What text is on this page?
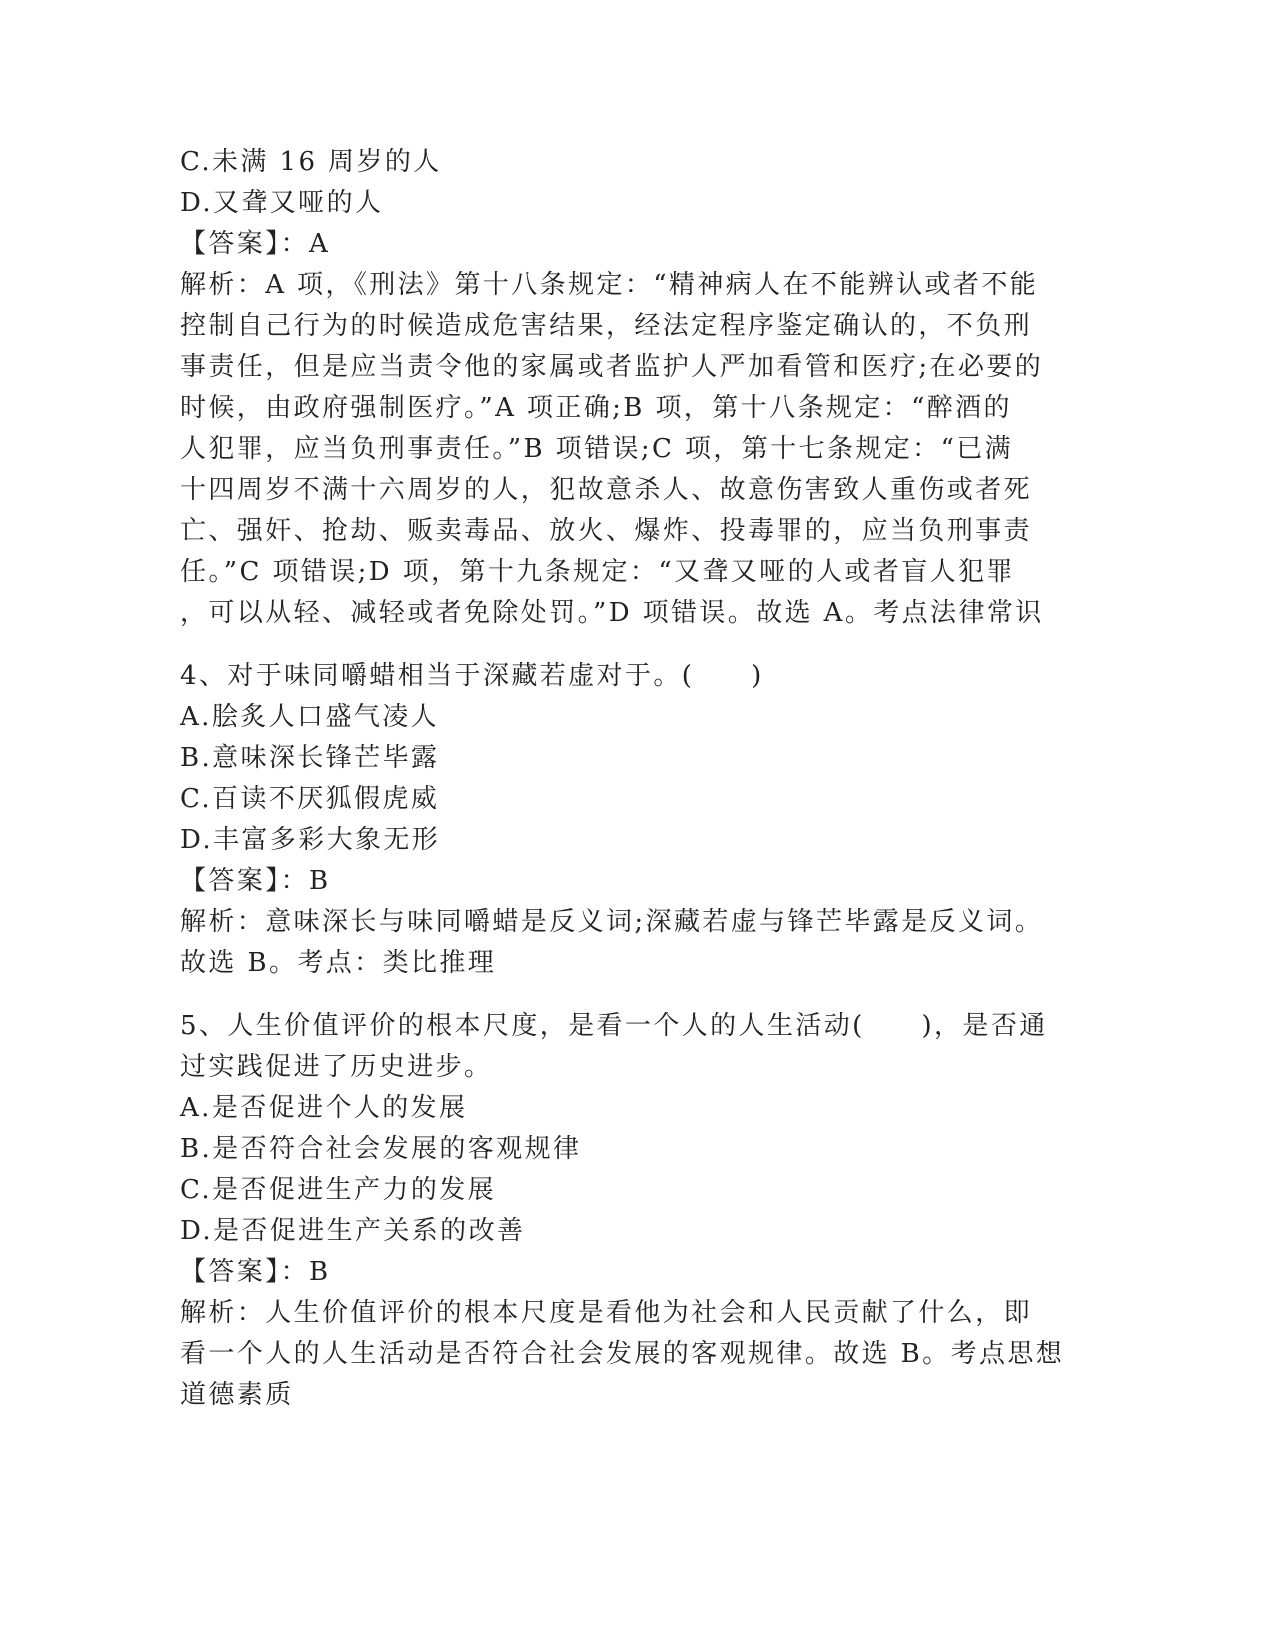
C.未满 16 周岁的人
D.又聋又哑的人
【答案】：A
解析：A 项，《刑法》第十八条规定：“精神病人在不能辨认或者不能
控制自己行为的时候造成危害结果，经法定程序鉴定确认的，不负刑
事责任，但是应当责令他的家属或者监护人严加看管和医疗;在必要的
时候，由政府强制医疗。”A 项正确;B 项，第十八条规定：“醉酒的
人犯罪，应当负刑事责任。”B 项错误;C 项，第十七条规定：“已满
十四周岁不满十六周岁的人，犯故意杀人、故意伤害致人重伤或者死
亡、强奸、抢劫、贩卖毒品、放火、爆炸、投毒罪的，应当负刑事责
任。”C 项错误;D 项，第十九条规定：“又聋又哑的人或者盲人犯罪
，可以从轻、减轻或者免除处罚。”D 项错误。故选 A。考点法律常识
4、对于味同嚼蜡相当于深藏若虚对于。(　　)
A.脍炙人口盛气凌人
B.意味深长锋芒毕露
C.百读不厌狐假虎威
D.丰富多彩大象无形
【答案】：B
解析：意味深长与味同嚼蜡是反义词;深藏若虚与锋芒毕露是反义词。
故选 B。考点：类比推理
5、人生价值评价的根本尺度，是看一个人的人生活动(　　)，是否通
过实践促进了历史进步。
A.是否促进个人的发展
B.是否符合社会发展的客观规律
C.是否促进生产力的发展
D.是否促进生产关系的改善
【答案】：B
解析：人生价值评价的根本尺度是看他为社会和人民贡献了什么，即
看一个人的人生活动是否符合社会发展的客观规律。故选 B。考点思想
道德素质
